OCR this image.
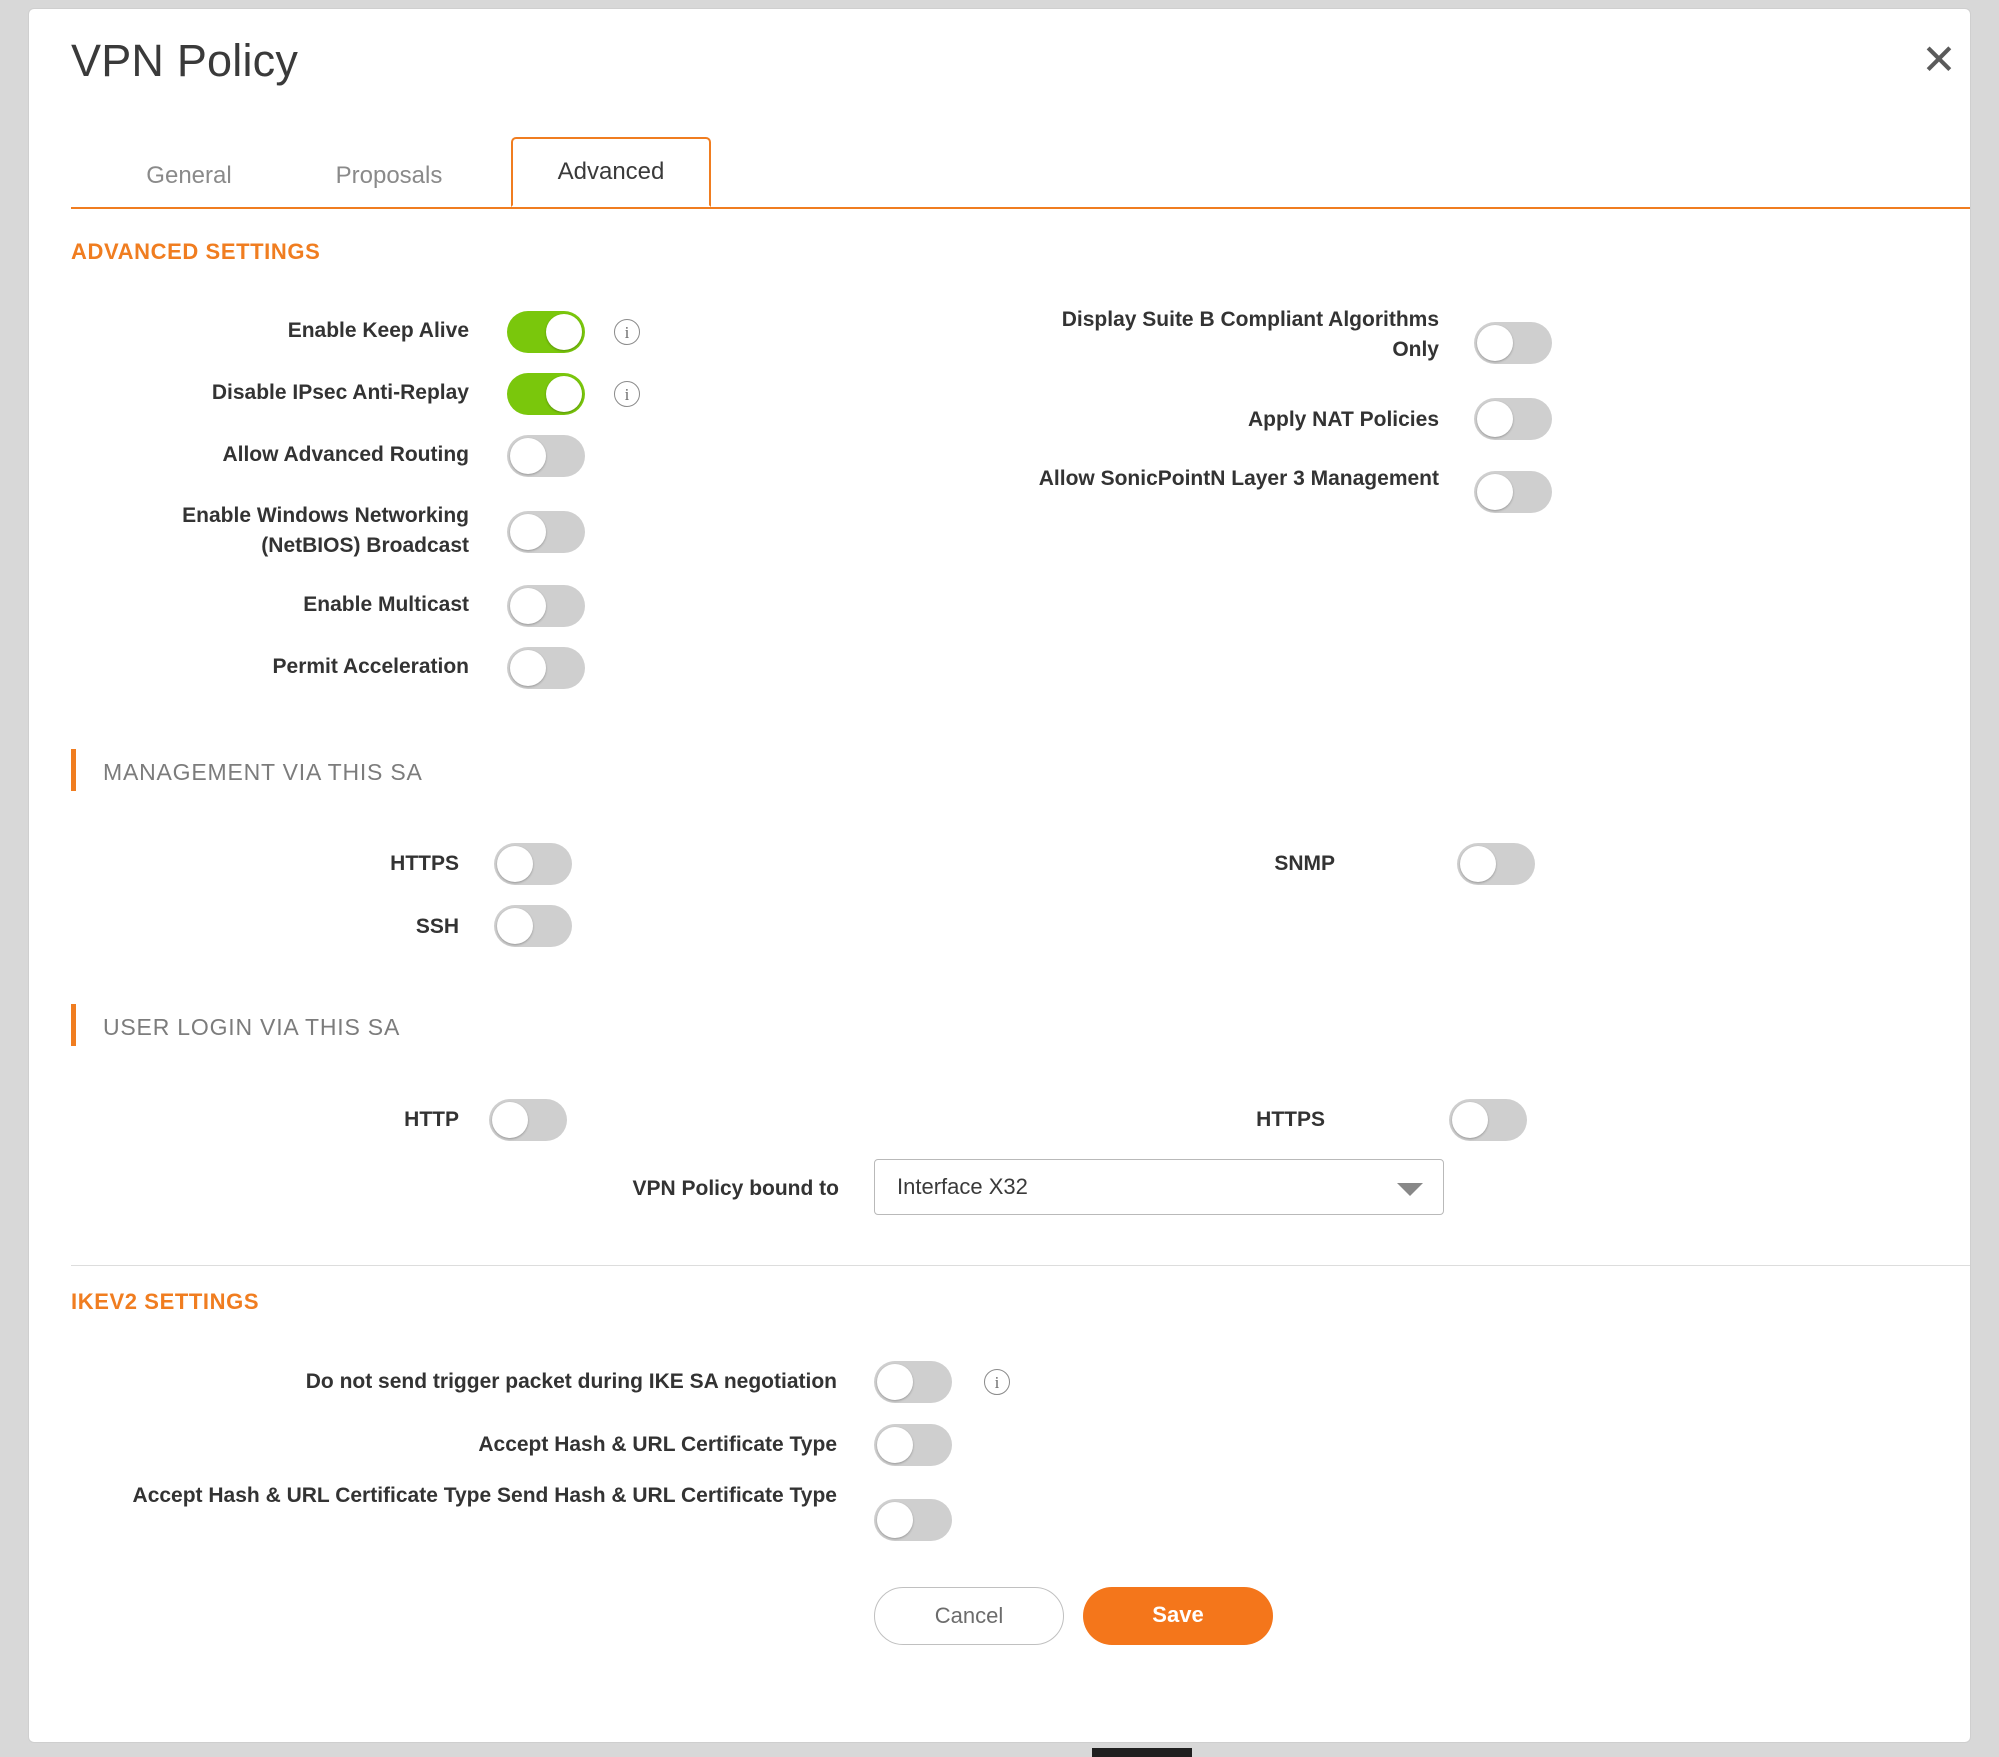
✕
VPN Policy
General	Proposals	Advanced
ADVANCED SETTINGS
Enable Keep Alive	i
Disable IPsec Anti-Replay	i
Allow Advanced Routing
Enable Windows Networking (NetBIOS) Broadcast
Enable Multicast
Permit Acceleration
Display Suite B Compliant Algorithms Only
Apply NAT Policies
Allow SonicPointN Layer 3 Management
MANAGEMENT VIA THIS SA
HTTPS
SSH
SNMP
USER LOGIN VIA THIS SA
HTTP	HTTPS
VPN Policy bound to	Interface X32
IKEV2 SETTINGS
Do not send trigger packet during IKE SA negotiation	i
Accept Hash & URL Certificate Type
Accept Hash & URL Certificate Type Send Hash & URL Certificate Type
Cancel	Save
